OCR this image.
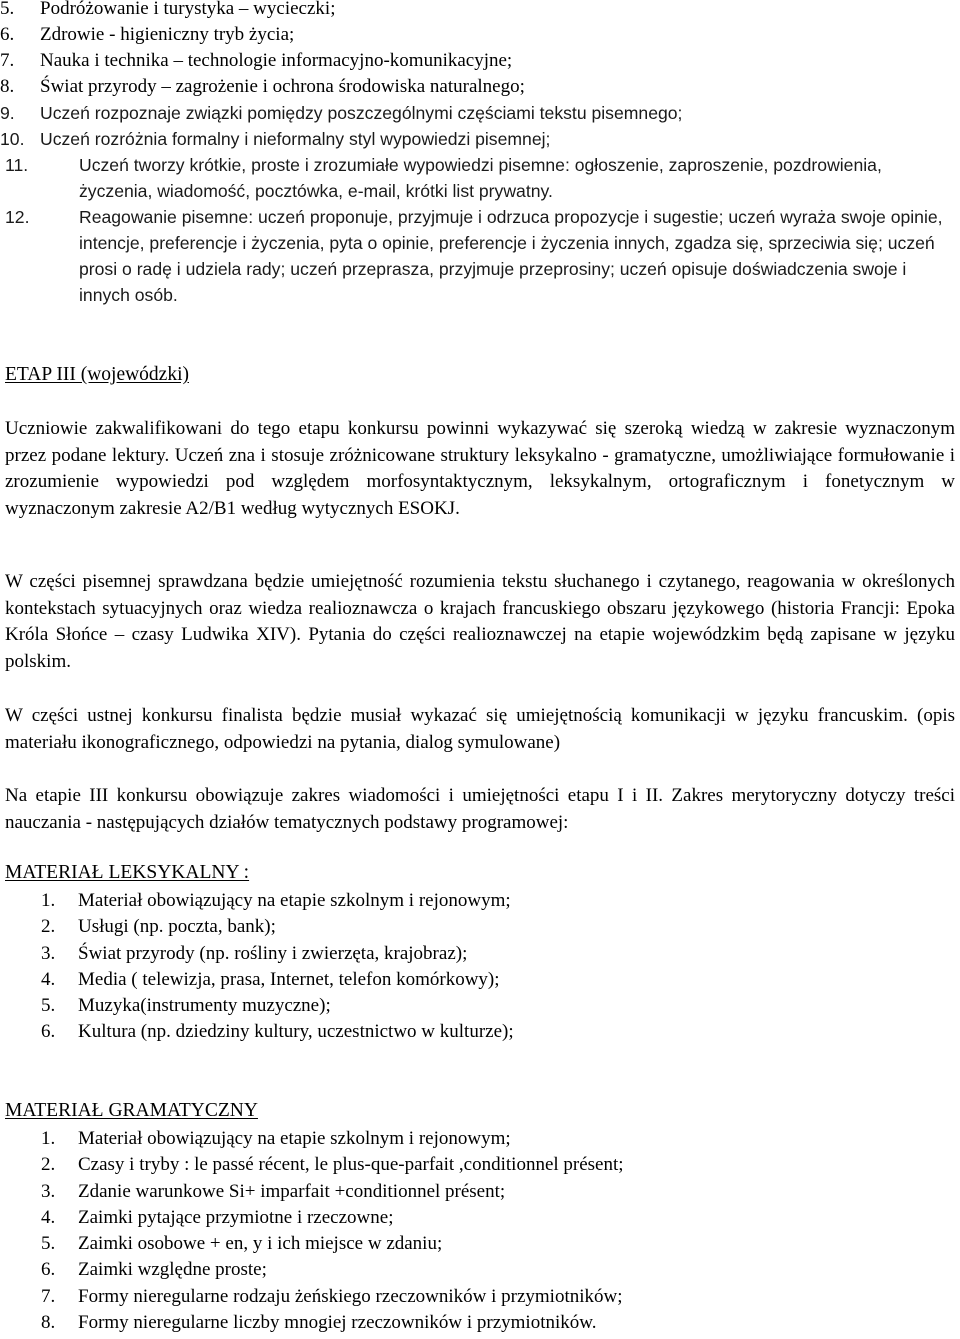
5. Podróżowanie i turystyka – wycieczki;
6. Zdrowie - higieniczny tryb życia;
7. Nauka i technika – technologie informacyjno-komunikacyjne;
8. Świat przyrody – zagrożenie i ochrona środowiska naturalnego;
9. Uczeń rozpoznaje związki pomiędzy poszczególnymi częściami tekstu pisemnego;
10. Uczeń rozróżnia formalny i nieformalny styl wypowiedzi pisemnej;
11.	Uczeń tworzy krótkie, proste i zrozumiałe wypowiedzi pisemne: ogłoszenie, zaproszenie, pozdrowienia, życzenia, wiadomość, pocztówka, e-mail, krótki list prywatny.
12.	Reagowanie pisemne: uczeń proponuje, przyjmuje i odrzuca propozycje i sugestie; uczeń wyraża swoje opinie, intencje, preferencje i życzenia, pyta o opinie, preferencje i życzenia innych, zgadza się, sprzeciwia się; uczeń prosi o radę i udziela rady; uczeń przeprasza, przyjmuje przeprosiny; uczeń opisuje doświadczenia swoje i innych osób.
ETAP III (wojewódzki)
Uczniowie zakwalifikowani do tego etapu konkursu powinni wykazywać się szeroką wiedzą w zakresie wyznaczonym przez podane lektury. Uczeń zna i stosuje zróżnicowane struktury leksykalno - gramatyczne, umożliwiające formułowanie i zrozumienie wypowiedzi pod względem morfosyntaktycznym, leksykalnym, ortograficznym i fonetycznym w wyznaczonym zakresie A2/B1 według wytycznych ESOKJ.
W części pisemnej sprawdzana będzie umiejętność rozumienia tekstu słuchanego i czytanego, reagowania w określonych kontekstach sytuacyjnych oraz wiedza realioznawcza o krajach francuskiego obszaru językowego (historia Francji: Epoka Króla Słońce – czasy Ludwika XIV). Pytania do części realioznawczej na etapie wojewódzkim będą zapisane w języku polskim.
W części ustnej konkursu finalista będzie musiał wykazać się umiejętnością komunikacji w języku francuskim. (opis materiału ikonograficznego, odpowiedzi na pytania, dialog symulowane)
Na etapie III konkursu obowiązuje zakres wiadomości i umiejętności etapu I i II. Zakres merytoryczny dotyczy treści nauczania - następujących działów tematycznych podstawy programowej:
MATERIAŁ LEKSYKALNY :
1. Materiał obowiązujący na etapie szkolnym i rejonowym;
2. Usługi (np. poczta, bank);
3. Świat przyrody (np. rośliny i zwierzęta, krajobraz);
4. Media ( telewizja, prasa, Internet, telefon komórkowy);
5. Muzyka(instrumenty muzyczne);
6. Kultura (np. dziedziny kultury, uczestnictwo w kulturze);
MATERIAŁ GRAMATYCZNY
1. Materiał obowiązujący na etapie szkolnym i rejonowym;
2. Czasy i tryby : le passé récent, le plus-que-parfait ,conditionnel présent;
3. Zdanie warunkowe Si+ imparfait +conditionnel présent;
4. Zaimki pytające przymiotne i rzeczowne;
5. Zaimki osobowe + en, y i ich miejsce w zdaniu;
6. Zaimki względne proste;
7. Formy nieregularne rodzaju żeńskiego rzeczowników i przymiotników;
8. Formy nieregularne liczby mnogiej rzeczowników i przymiotników.
